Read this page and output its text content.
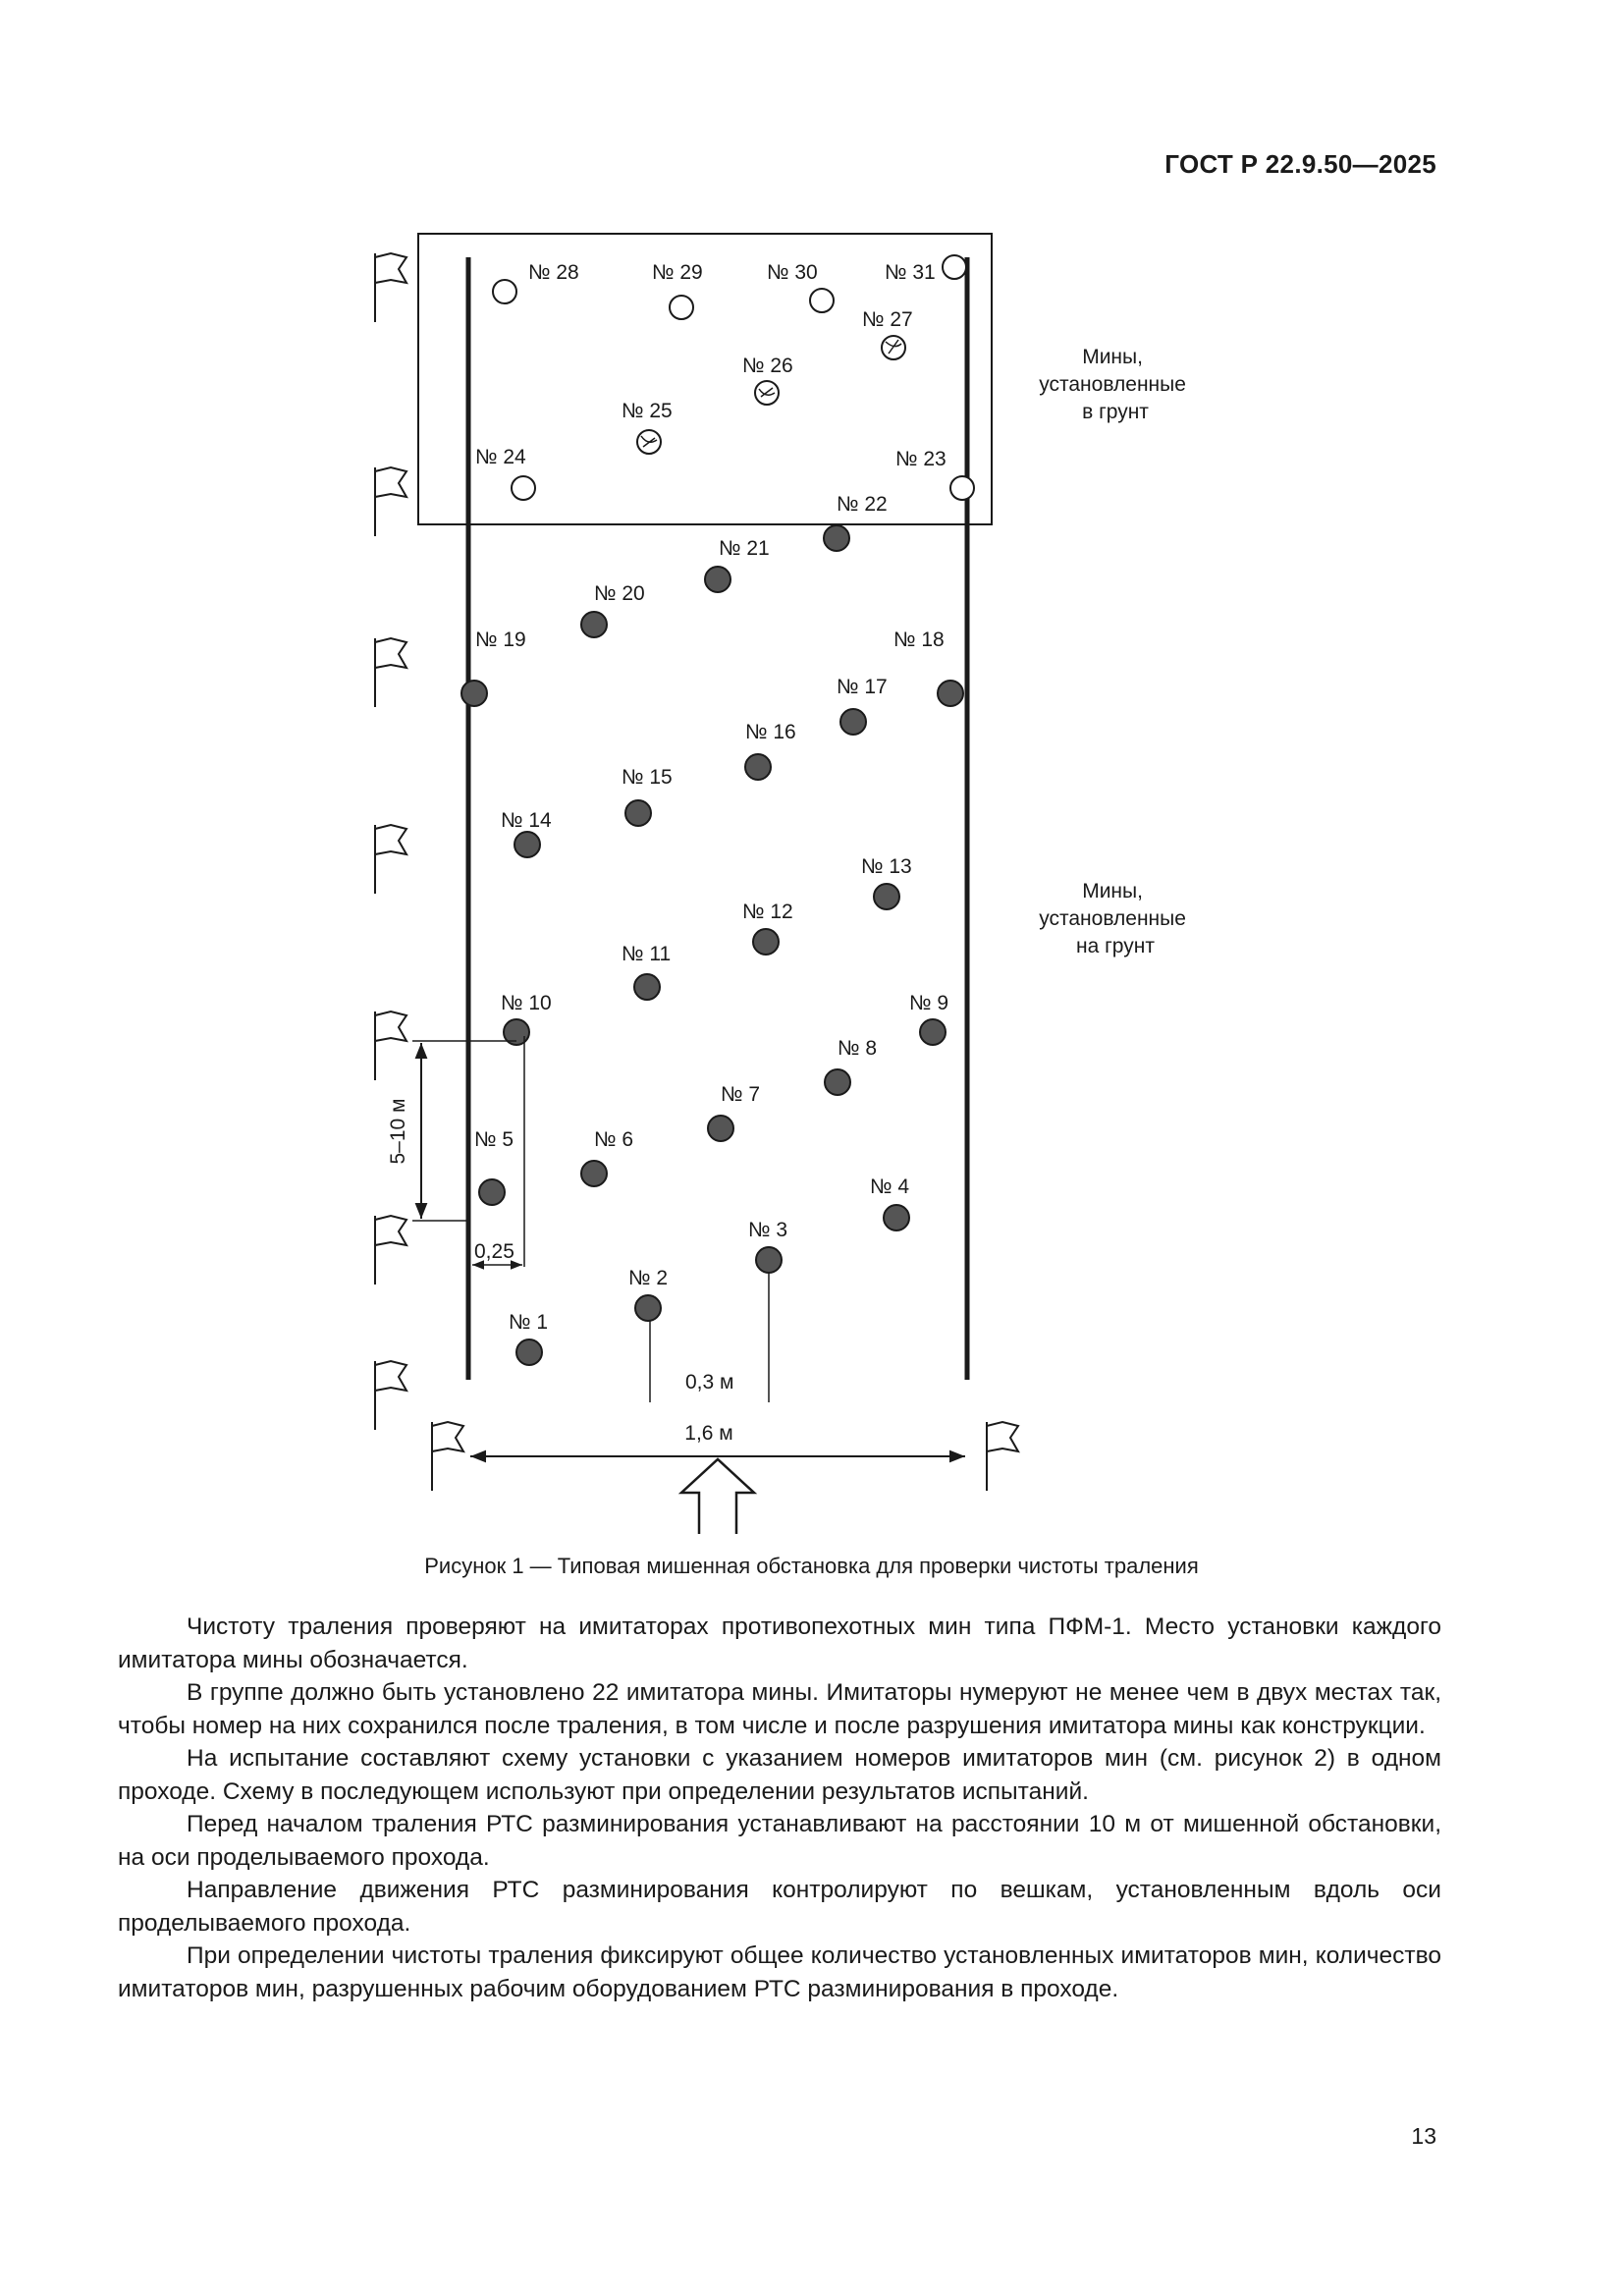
ГОСТ Р 22.9.50—2025
Мины, установленные в грунт
Мины, установленные на грунт
№ 23
№ 24
№ 25
№ 26
№ 27
№ 28	№ 29	№ 30	№ 31
№ 1
№ 2
№ 3
№ 4
№ 5	№ 6
№ 7
№ 8
№ 9
№ 10
№ 11
№ 12
№ 13
№ 14
№ 15
№ 16
№ 17
№ 18
№ 19
№ 20
№ 21
№ 22
5–10 м
0,25
0,3 м
1,6 м
Рисунок 1 — Типовая мишенная обстановка для проверки чистоты траления

Чистоту траления проверяют на имитаторах противопехотных мин типа ПФМ-1. Место установки каждого имитатора мины обозначается.

В группе должно быть установлено 22 имитатора мины. Имитаторы нумеруют не менее чем в двух местах так, чтобы номер на них сохранился после траления, в том числе и после разрушения имитатора мины как конструкции.

На испытание составляют схему установки с указанием номеров имитаторов мин (см. рисунок 2) в одном проходе. Схему в последующем используют при определении результатов испытаний.

Перед началом траления РТС разминирования устанавливают на расстоянии 10 м от мишенной обстановки, на оси проделываемого прохода.

Направление движения РТС разминирования контролируют по вешкам, установленным вдоль оси проделываемого прохода.

При определении чистоты траления фиксируют общее количество установленных имитаторов мин, количество имитаторов мин, разрушенных рабочим оборудованием РТС разминирования в проходе.

13
